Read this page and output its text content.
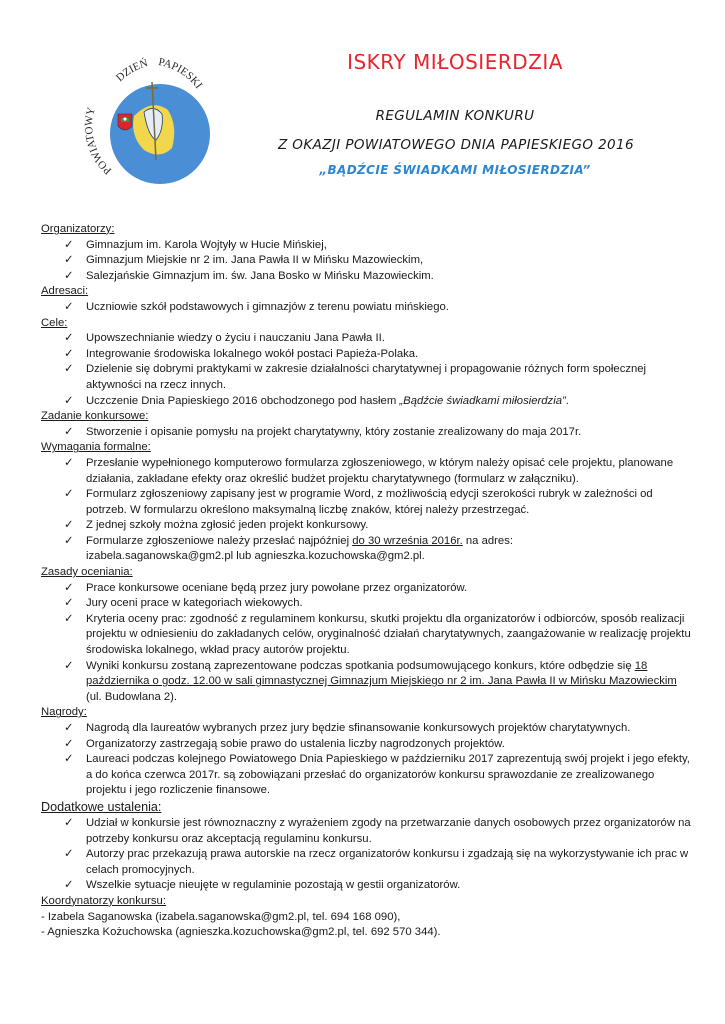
POWIATOWY
DZIEŃ PAPIESKI
ISKRY MIŁOSIERDZIA
REGULAMIN KONKURU
Z OKAZJI POWIATOWEGO DNIA PAPIESKIEGO 2016
„BĄDŹCIE ŚWIADKAMI MIŁOSIERDZIA”
Organizatorzy:
✓ Gimnazjum im. Karola Wojtyły w Hucie Mińskiej,
✓ Gimnazjum Miejskie nr 2 im. Jana Pawła II w Mińsku Mazowieckim,
✓ Salezjańskie Gimnazjum im. św. Jana Bosko w Mińsku Mazowieckim.
Adresaci:
✓ Uczniowie szkół podstawowych i gimnazjów z terenu powiatu mińskiego.
Cele:
✓ Upowszechnianie wiedzy o życiu i nauczaniu Jana Pawła II.
✓ Integrowanie środowiska lokalnego wokół postaci Papieża-Polaka.
✓ Dzielenie się dobrymi praktykami w zakresie działalności charytatywnej i propagowanie różnych form społecznej aktywności na rzecz innych.
✓ Uczczenie Dnia Papieskiego 2016 obchodzonego pod hasłem „Bądźcie świadkami miłosierdzia”.
Zadanie konkursowe:
✓ Stworzenie i opisanie pomysłu na projekt charytatywny, który zostanie zrealizowany do maja 2017r.
Wymagania formalne:
✓ Przesłanie wypełnionego komputerowo formularza zgłoszeniowego, w którym należy opisać cele projektu, planowane działania, zakładane efekty oraz określić budżet projektu charytatywnego (formularz w załączniku).
✓ Formularz zgłoszeniowy zapisany jest w programie Word, z możliwością edycji szerokości rubryk w zależności od potrzeb. W formularzu określono maksymalną liczbę znaków, której należy przestrzegać.
✓ Z jednej szkoły można zgłosić jeden projekt konkursowy.
✓ Formularze zgłoszeniowe należy przesłać najpóźniej do 30 września 2016r. na adres:
izabela.saganowska@gm2.pl lub agnieszka.kozuchowska@gm2.pl.
Zasady oceniania:
✓ Prace konkursowe oceniane będą przez jury powołane przez organizatorów.
✓ Jury oceni prace w kategoriach wiekowych.
✓ Kryteria oceny prac: zgodność z regulaminem konkursu, skutki projektu dla organizatorów i odbiorców, sposób realizacji projektu w odniesieniu do zakładanych celów, oryginalność działań charytatywnych, zaangażowanie w realizację projektu środowiska lokalnego, wkład pracy autorów projektu.
✓ Wyniki konkursu zostaną zaprezentowane podczas spotkania podsumowującego konkurs, które odbędzie się 18 października o godz. 12.00 w sali gimnastycznej Gimnazjum Miejskiego nr 2 im. Jana Pawła II w Mińsku Mazowieckim (ul. Budowlana 2).
Nagrody:
✓ Nagrodą dla laureatów wybranych przez jury będzie sfinansowanie konkursowych projektów charytatywnych.
✓ Organizatorzy zastrzegają sobie prawo do ustalenia liczby nagrodzonych projektów.
✓ Laureaci podczas kolejnego Powiatowego Dnia Papieskiego w październiku 2017 zaprezentują swój projekt i jego efekty, a do końca czerwca 2017r. są zobowiązani przesłać do organizatorów konkursu sprawozdanie ze zrealizowanego projektu i jego rozliczenie finansowe.
Dodatkowe ustalenia:
✓ Udział w konkursie jest równoznaczny z wyrażeniem zgody na przetwarzanie danych osobowych przez organizatorów na potrzeby konkursu oraz akceptacją regulaminu konkursu.
✓ Autorzy prac przekazują prawa autorskie na rzecz organizatorów konkursu i zgadzają się na wykorzystywanie ich prac w celach promocyjnych.
✓ Wszelkie sytuacje nieujęte w regulaminie pozostają w gestii organizatorów.
Koordynatorzy konkursu:
- Izabela Saganowska (izabela.saganowska@gm2.pl, tel. 694 168 090),
- Agnieszka Kożuchowska (agnieszka.kozuchowska@gm2.pl, tel. 692 570 344).
